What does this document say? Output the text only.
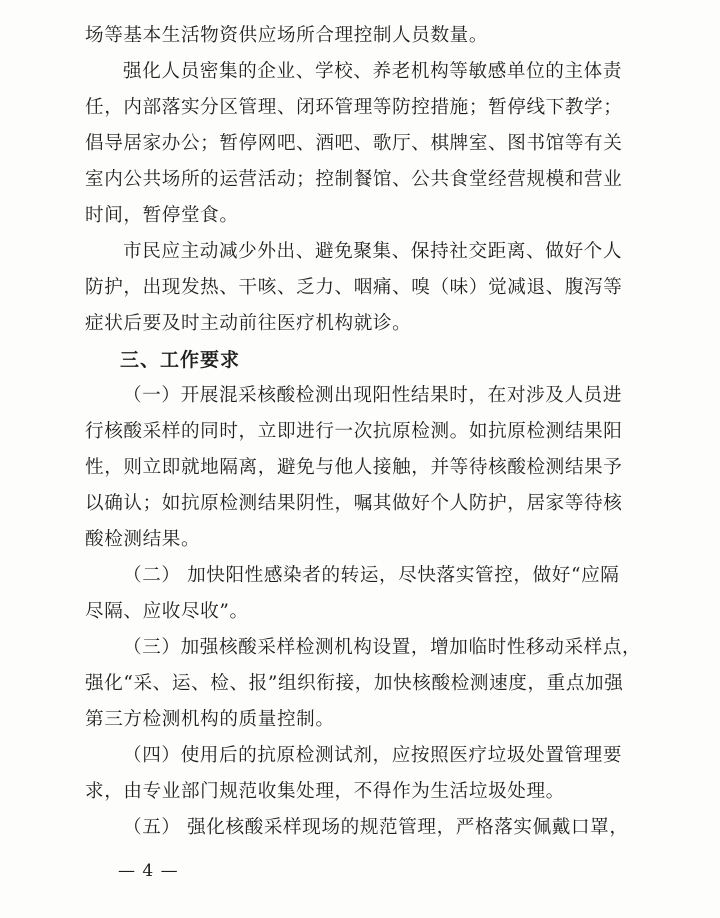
场等基本生活物资供应场所合理控制人员数量。
强化人员密集的企业、学校、养老机构等敏感单位的主体责
任，内部落实分区管理、闭环管理等防控措施；暂停线下教学；
倡导居家办公；暂停网吧、酒吧、歌厅、棋牌室、图书馆等有关
室内公共场所的运营活动；控制餐馆、公共食堂经营规模和营业
时间，暂停堂食。
市民应主动减少外出、避免聚集、保持社交距离、做好个人
防护，出现发热、干咳、乏力、咽痛、嗅（味）觉减退、腹泻等
症状后要及时主动前往医疗机构就诊。
三、工作要求
（一）开展混采核酸检测出现阳性结果时，在对涉及人员进
行核酸采样的同时，立即进行一次抗原检测。如抗原检测结果阳
性，则立即就地隔离，避免与他人接触，并等待核酸检测结果予
以确认；如抗原检测结果阴性，嘱其做好个人防护，居家等待核
酸检测结果。
（二） 加快阳性感染者的转运，尽快落实管控，做好“应隔
尽隔、应收尽收”。
（三）加强核酸采样检测机构设置，增加临时性移动采样点，
强化“采、运、检、报”组织衔接，加快核酸检测速度，重点加强
第三方检测机构的质量控制。
（四）使用后的抗原检测试剂，应按照医疗垃圾处置管理要
求，由专业部门规范收集处理，不得作为生活垃圾处理。
（五） 强化核酸采样现场的规范管理，严格落实佩戴口罩，
— 4 —
